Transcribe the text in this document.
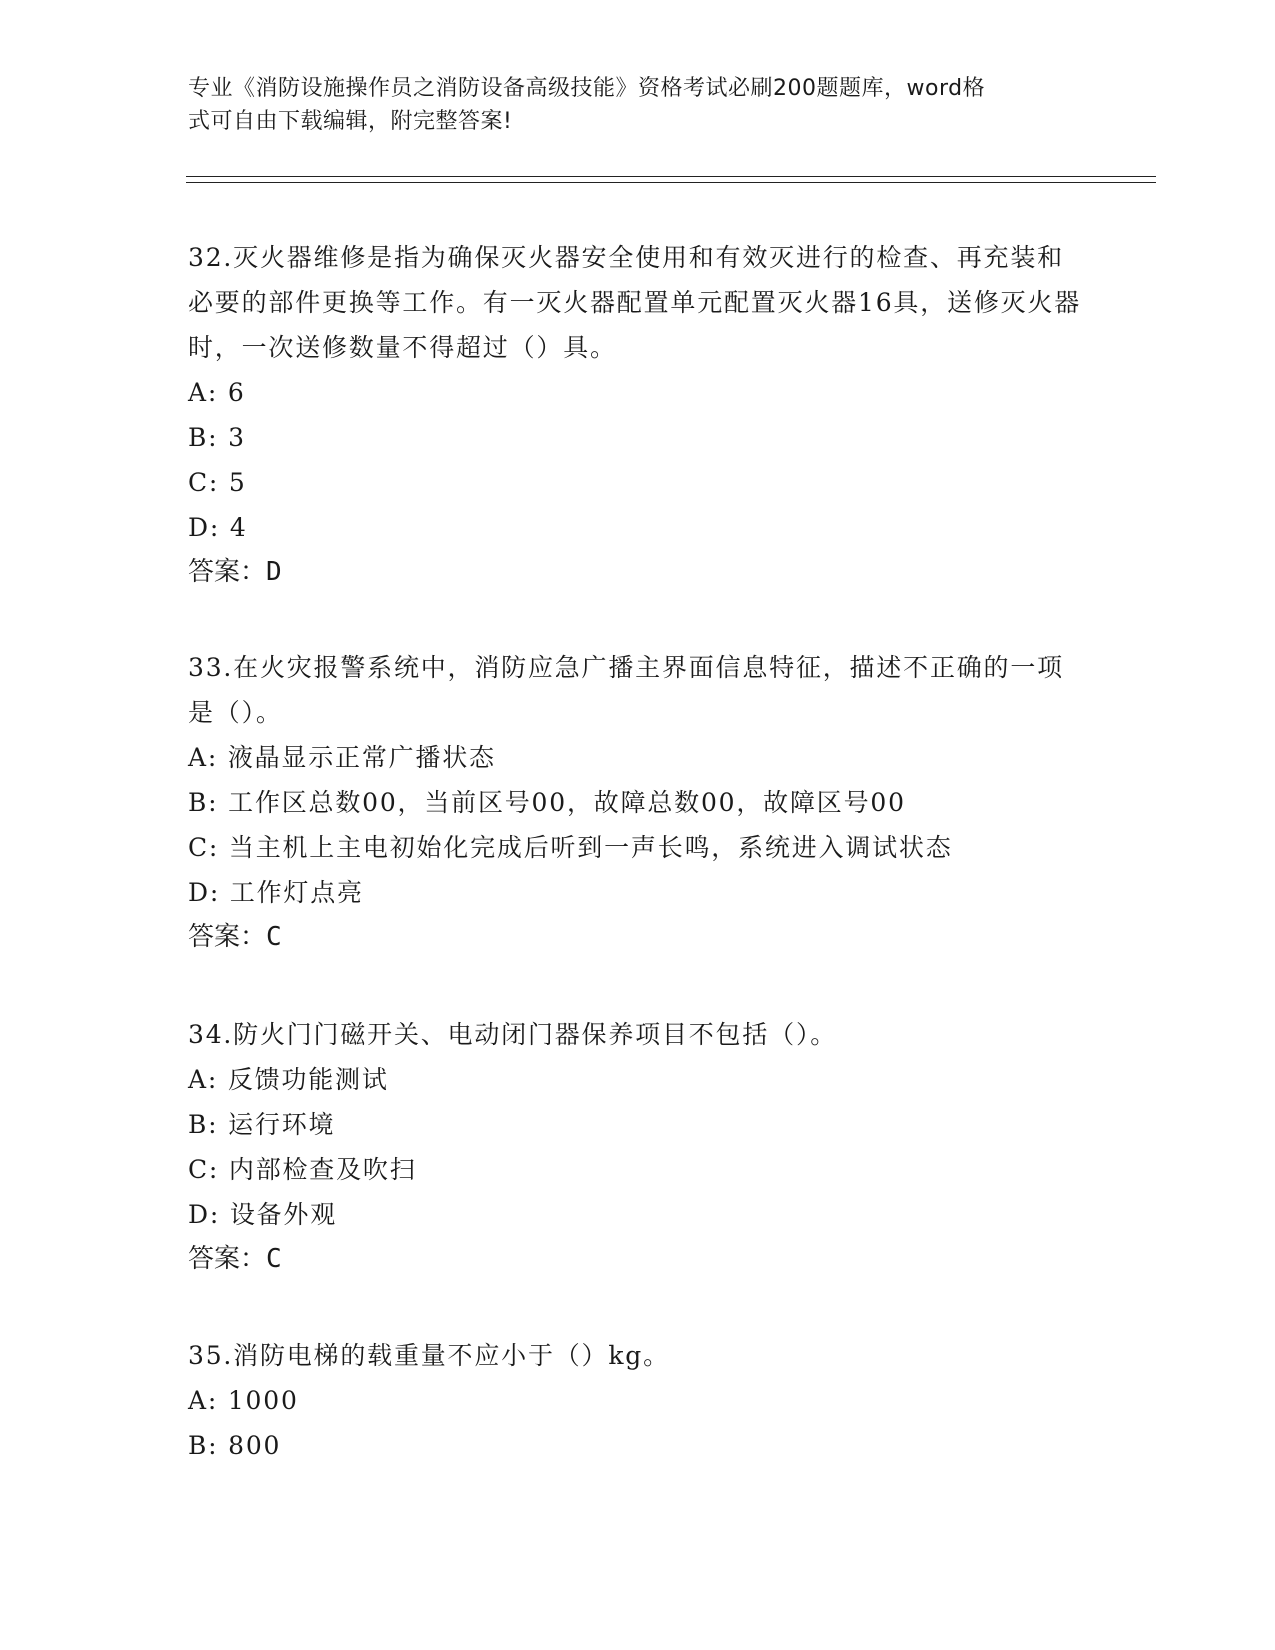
专业《消防设施操作员之消防设备高级技能》资格考试必刷200题题库，word格
式可自由下载编辑，附完整答案!
32.灭火器维修是指为确保灭火器安全使用和有效灭进行的检查、再充装和必要的部件更换等工作。有一灭火器配置单元配置灭火器16具，送修灭火器时，一次送修数量不得超过（）具。
A: 6
B: 3
C: 5
D: 4
答案：D
33.在火灾报警系统中，消防应急广播主界面信息特征，描述不正确的一项是（）。
A: 液晶显示正常广播状态
B: 工作区总数00，当前区号00，故障总数00，故障区号00
C: 当主机上主电初始化完成后听到一声长鸣，系统进入调试状态
D: 工作灯点亮
答案：C
34.防火门门磁开关、电动闭门器保养项目不包括（）。
A: 反馈功能测试
B: 运行环境
C: 内部检查及吹扫
D: 设备外观
答案：C
35.消防电梯的载重量不应小于（）kg。
A: 1000
B: 800
